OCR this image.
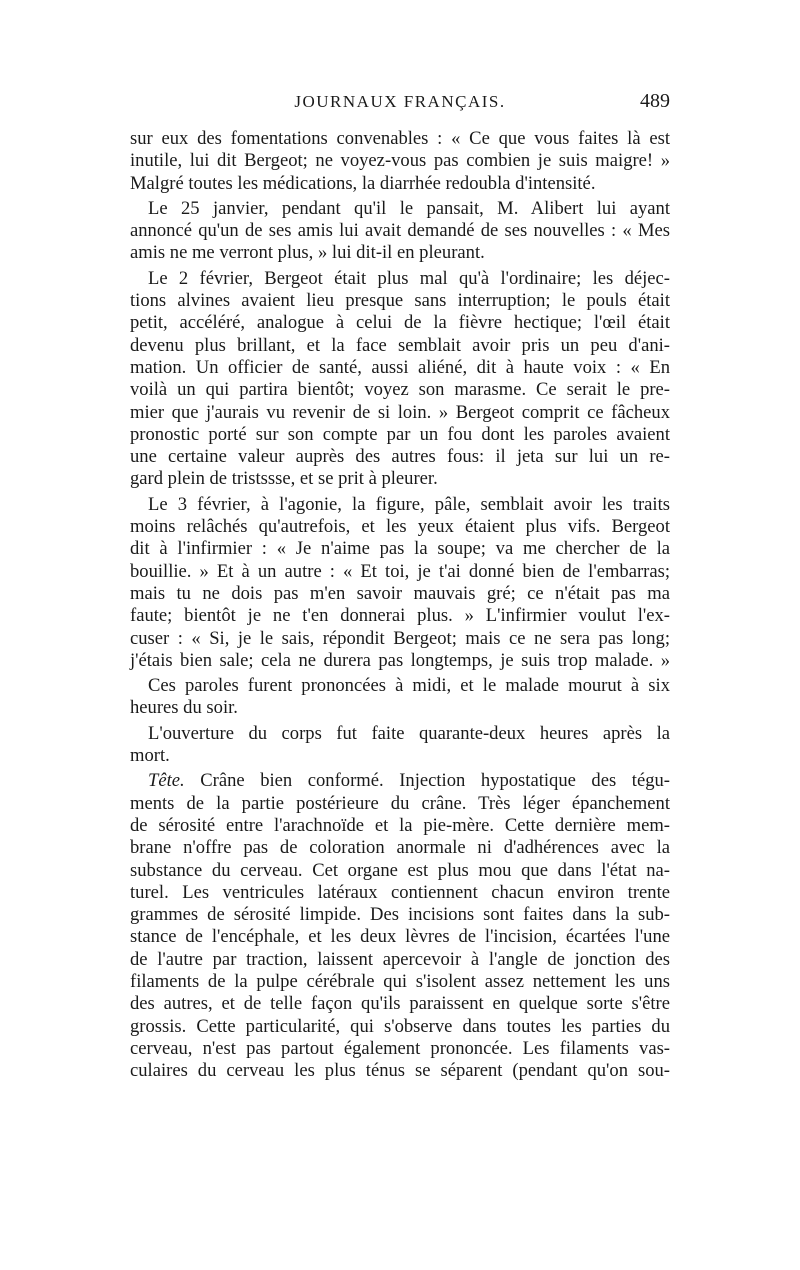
JOURNAUX FRANÇAIS.	489
sur eux des fomentations convenables : « Ce que vous faites là est
inutile, lui dit Bergeot; ne voyez-vous pas combien je suis maigre! »
Malgré toutes les médications, la diarrhée redoubla d'intensité.
Le 25 janvier, pendant qu'il le pansait, M. Alibert lui ayant
annoncé qu'un de ses amis lui avait demandé de ses nouvelles : « Mes
amis ne me verront plus, » lui dit-il en pleurant.
Le 2 février, Bergeot était plus mal qu'à l'ordinaire; les déjec-
tions alvines avaient lieu presque sans interruption; le pouls était
petit, accéléré, analogue à celui de la fièvre hectique; l'œil était
devenu plus brillant, et la face semblait avoir pris un peu d'ani-
mation. Un officier de santé, aussi aliéné, dit à haute voix : « En
voilà un qui partira bientôt; voyez son marasme. Ce serait le pre-
mier que j'aurais vu revenir de si loin. » Bergeot comprit ce fâcheux
pronostic porté sur son compte par un fou dont les paroles avaient
une certaine valeur auprès des autres fous: il jeta sur lui un re-
gard plein de tristssse, et se prit à pleurer.
Le 3 février, à l'agonie, la figure, pâle, semblait avoir les traits
moins relâchés qu'autrefois, et les yeux étaient plus vifs. Bergeot
dit à l'infirmier : « Je n'aime pas la soupe; va me chercher de la
bouillie. » Et à un autre : « Et toi, je t'ai donné bien de l'embarras;
mais tu ne dois pas m'en savoir mauvais gré; ce n'était pas ma
faute; bientôt je ne t'en donnerai plus. » L'infirmier voulut l'ex-
cuser : « Si, je le sais, répondit Bergeot; mais ce ne sera pas long;
j'étais bien sale; cela ne durera pas longtemps, je suis trop malade. »
Ces paroles furent prononcées à midi, et le malade mourut à six
heures du soir.
L'ouverture du corps fut faite quarante-deux heures après la
mort.
Tête. Crâne bien conformé. Injection hypostatique des tégu-
ments de la partie postérieure du crâne. Très léger épanchement
de sérosité entre l'arachnoïde et la pie-mère. Cette dernière mem-
brane n'offre pas de coloration anormale ni d'adhérences avec la
substance du cerveau. Cet organe est plus mou que dans l'état na-
turel. Les ventricules latéraux contiennent chacun environ trente
grammes de sérosité limpide. Des incisions sont faites dans la sub-
stance de l'encéphale, et les deux lèvres de l'incision, écartées l'une
de l'autre par traction, laissent apercevoir à l'angle de jonction des
filaments de la pulpe cérébrale qui s'isolent assez nettement les uns
des autres, et de telle façon qu'ils paraissent en quelque sorte s'être
grossis. Cette particularité, qui s'observe dans toutes les parties du
cerveau, n'est pas partout également prononcée. Les filaments vas-
culaires du cerveau les plus ténus se séparent (pendant qu'on sou-
